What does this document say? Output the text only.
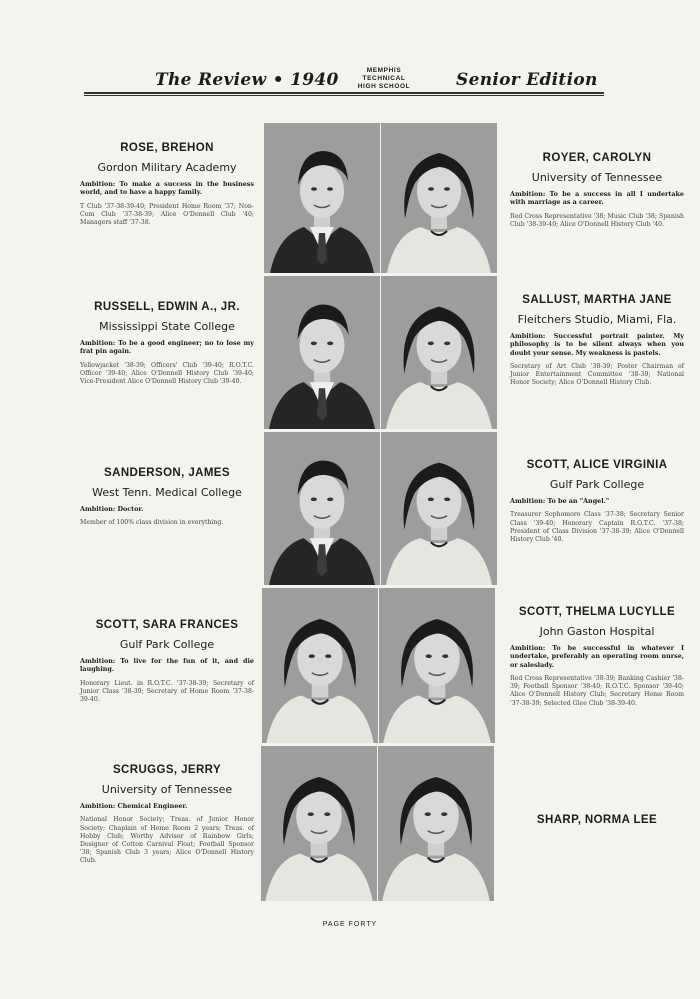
The Review • 1940	MEMPHIS
TECHNICAL
HIGH SCHOOL	Senior Edition
ROSE, BREHON
Gordon Military Academy
Ambition: To make a success in the business world, and to have a happy family.
T Club '37-38-39-40; President Home Room '37; Non-Com Club '37-38-39; Alice O'Donnell Club '40; Managers staff '37-38.
RUSSELL, EDWIN A., JR.
Mississippi State College
Ambition: To be a good engineer; no to lose my frat pin again.
Yellowjacket '38-39; Officers' Club '39-40; R.O.T.C. Officer '39-40; Alice O'Donnell History Club '39-40; Vice-President Alice O'Donnell History Club '39-40.
SANDERSON, JAMES
West Tenn. Medical College
Ambition: Doctor.
Member of 100% class division in everything.
SCOTT, SARA FRANCES
Gulf Park College
Ambition: To live for the fun of it, and die laughing.
Honorary Lieut. in R.O.T.C. '37-38-39; Secretary of Junior Class '38-39; Secretary of Home Room '37-38-39-40.
SCRUGGS, JERRY
University of Tennessee
Ambition: Chemical Engineer.
National Honor Society; Treas. of Junior Honor Society; Chaplain of Home Room 2 years; Treas. of Hobby Club; Worthy Advisor of Rainbow Girls; Designer of Cotton Carnival Float; Football Sponsor '38; Spanish Club 3 years; Alice O'Donnell History Club.
ROYER, CAROLYN
University of Tennessee
Ambition: To be a success in all I undertake with marriage as a career.
Red Cross Representative '38; Music Club '38; Spanish Club '38-39-40; Alice O'Donnell History Club '40.
SALLUST, MARTHA JANE
Fleitchers Studio, Miami, Fla.
Ambition: Successful portrait painter. My philosophy is to be silent always when you doubt your sense. My weakness is pastels.
Secretary of Art Club '38-39; Poster Chairman of Junior Entertainment Committee '38-39; National Honor Society; Alice O'Donnell History Club.
SCOTT, ALICE VIRGINIA
Gulf Park College
Ambition: To be an "Angel."
Treasurer Sophomore Class '37-38; Secretary Senior Class '39-40; Honorary Captain R.O.T.C. '37-38; President of Class Division '37-38-39; Alice O'Donnell History Club '40.
SCOTT, THELMA LUCYLLE
John Gaston Hospital
Ambition: To be successful in whatever I undertake, preferably an operating room nurse, or saleslady.
Red Cross Representative '38-39; Banking Cashier '38-39; Football Sponsor '38-40; R.O.T.C. Sponsor '39-40; Alice O'Donnell History Club; Secretary Home Room '37-38-39; Selected Glee Club '38-39-40.
SHARP, NORMA LEE
PAGE FORTY
